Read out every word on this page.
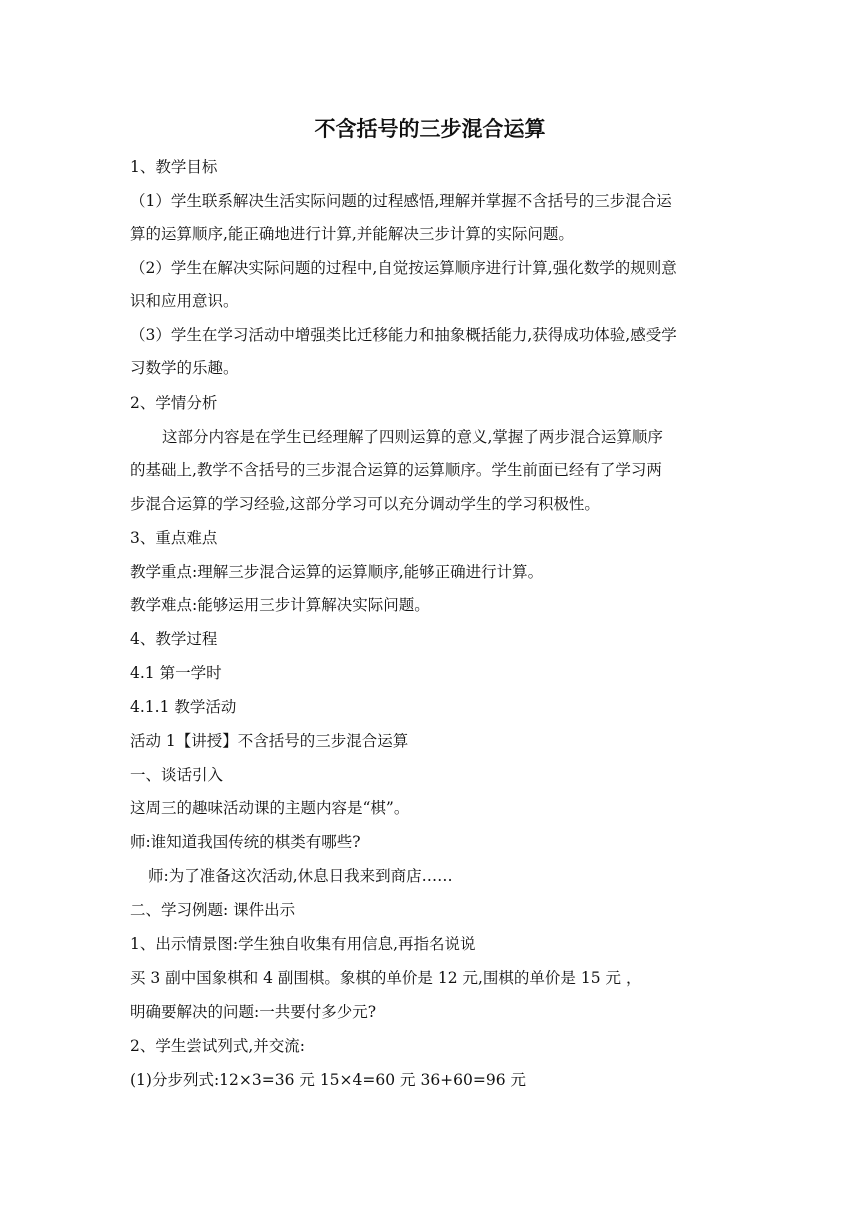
不含括号的三步混合运算
1、教学目标
（1）学生联系解决生活实际问题的过程感悟,理解并掌握不含括号的三步混合运
算的运算顺序,能正确地进行计算,并能解决三步计算的实际问题。
（2）学生在解决实际问题的过程中,自觉按运算顺序进行计算,强化数学的规则意
识和应用意识。
（3）学生在学习活动中增强类比迁移能力和抽象概括能力,获得成功体验,感受学
习数学的乐趣。
2、学情分析
这部分内容是在学生已经理解了四则运算的意义,掌握了两步混合运算顺序
的基础上,教学不含括号的三步混合运算的运算顺序。学生前面已经有了学习两
步混合运算的学习经验,这部分学习可以充分调动学生的学习积极性。
3、重点难点
教学重点:理解三步混合运算的运算顺序,能够正确进行计算。
教学难点:能够运用三步计算解决实际问题。
4、教学过程
4.1 第一学时
4.1.1 教学活动
活动 1【讲授】不含括号的三步混合运算
一、谈话引入
这周三的趣味活动课的主题内容是“棋”。
师:谁知道我国传统的棋类有哪些?
师:为了准备这次活动,休息日我来到商店……
二、学习例题: 课件出示
1、出示情景图:学生独自收集有用信息,再指名说说
买 3 副中国象棋和 4 副围棋。象棋的单价是 12 元,围棋的单价是 15 元 ，
明确要解决的问题:一共要付多少元?
2、学生尝试列式,并交流:
(1)分步列式:12×3=36 元 15×4=60 元 36+60=96 元
